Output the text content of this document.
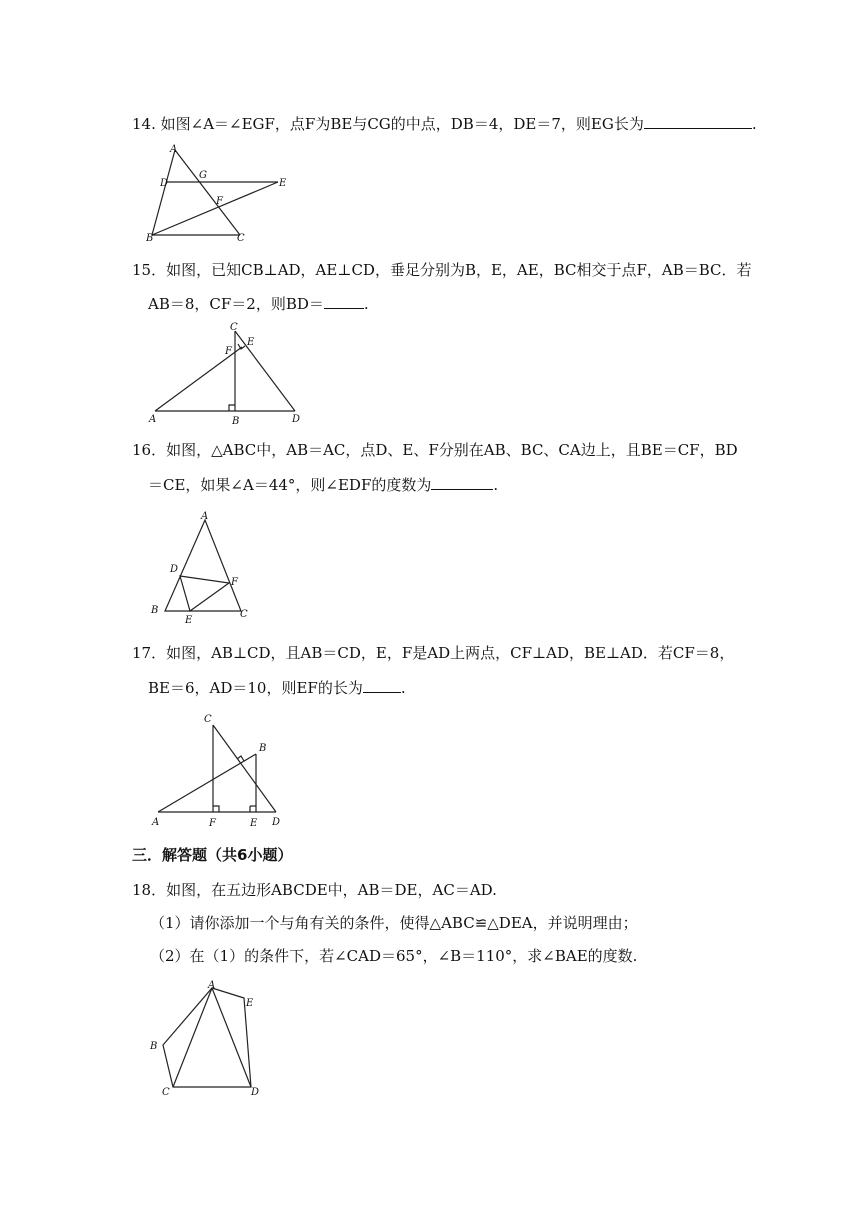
14. 如图∠A＝∠EGF，点F为BE与CG的中点，DB＝4，DE＝7，则EG长为	.
A
D
G
E
F
B	C
15．如图，已知CB⊥AD，AE⊥CD，垂足分别为B，E，AE，BC相交于点F，AB＝BC．若
AB＝8，CF＝2，则BD＝	.
C
F
E
A	B	D
16．如图，△ABC中，AB＝AC，点D、E、F分别在AB、BC、CA边上，且BE＝CF，BD
＝CE，如果∠A＝44°，则∠EDF的度数为	.
A
D
F
B
E
C
17．如图，AB⊥CD，且AB＝CD，E，F是AD上两点，CF⊥AD，BE⊥AD．若CF＝8，
BE＝6，AD＝10，则EF的长为	.
C
B
A	F	E D
三．解答题（共6小题）
18．如图，在五边形ABCDE中，AB＝DE，AC＝AD.
（1）请你添加一个与角有关的条件，使得△ABC≌△DEA，并说明理由；
（2）在（1）的条件下，若∠CAD＝65°，∠B＝110°，求∠BAE的度数.
A
E
B
C	D
